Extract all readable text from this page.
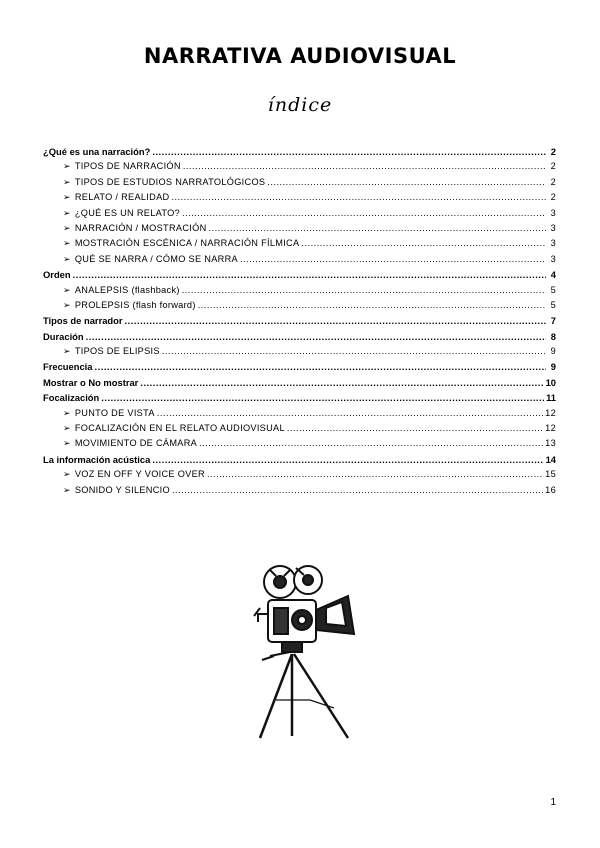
NARRATIVA AUDIOVISUAL
índice
¿Qué es una narración? .....	2
➢ TIPOS DE NARRACIÓN .....	2
➢ TIPOS DE ESTUDIOS NARRATOLÓGICOS .....	2
➢ RELATO / REALIDAD .....	2
➢ ¿QUÉ ES UN RELATO? .....	3
➢ NARRACIÓN / MOSTRACIÓN .....	3
➢ MOSTRACIÓN ESCÉNICA / NARRACIÓN FÍLMICA .....	3
➢ QUÉ SE NARRA / CÓMO SE NARRA .....	3
Orden .....	4
➢ ANALEPSIS (flashback) .....	5
➢ PROLEPSIS (flash forward) .....	5
Tipos de narrador .....	7
Duración .....	8
➢ TIPOS DE ELIPSIS .....	9
Frecuencia .....	9
Mostrar o No mostrar .....	10
Focalización .....	11
➢ PUNTO DE VISTA .....	12
➢ FOCALIZACIÓN EN EL RELATO AUDIOVISUAL .....	12
➢ MOVIMIENTO DE CÁMARA .....	13
La información acústica .....	14
➢ VOZ EN OFF Y VOICE OVER .....	15
➢ SONIDO Y SILENCIO .....	16
1
